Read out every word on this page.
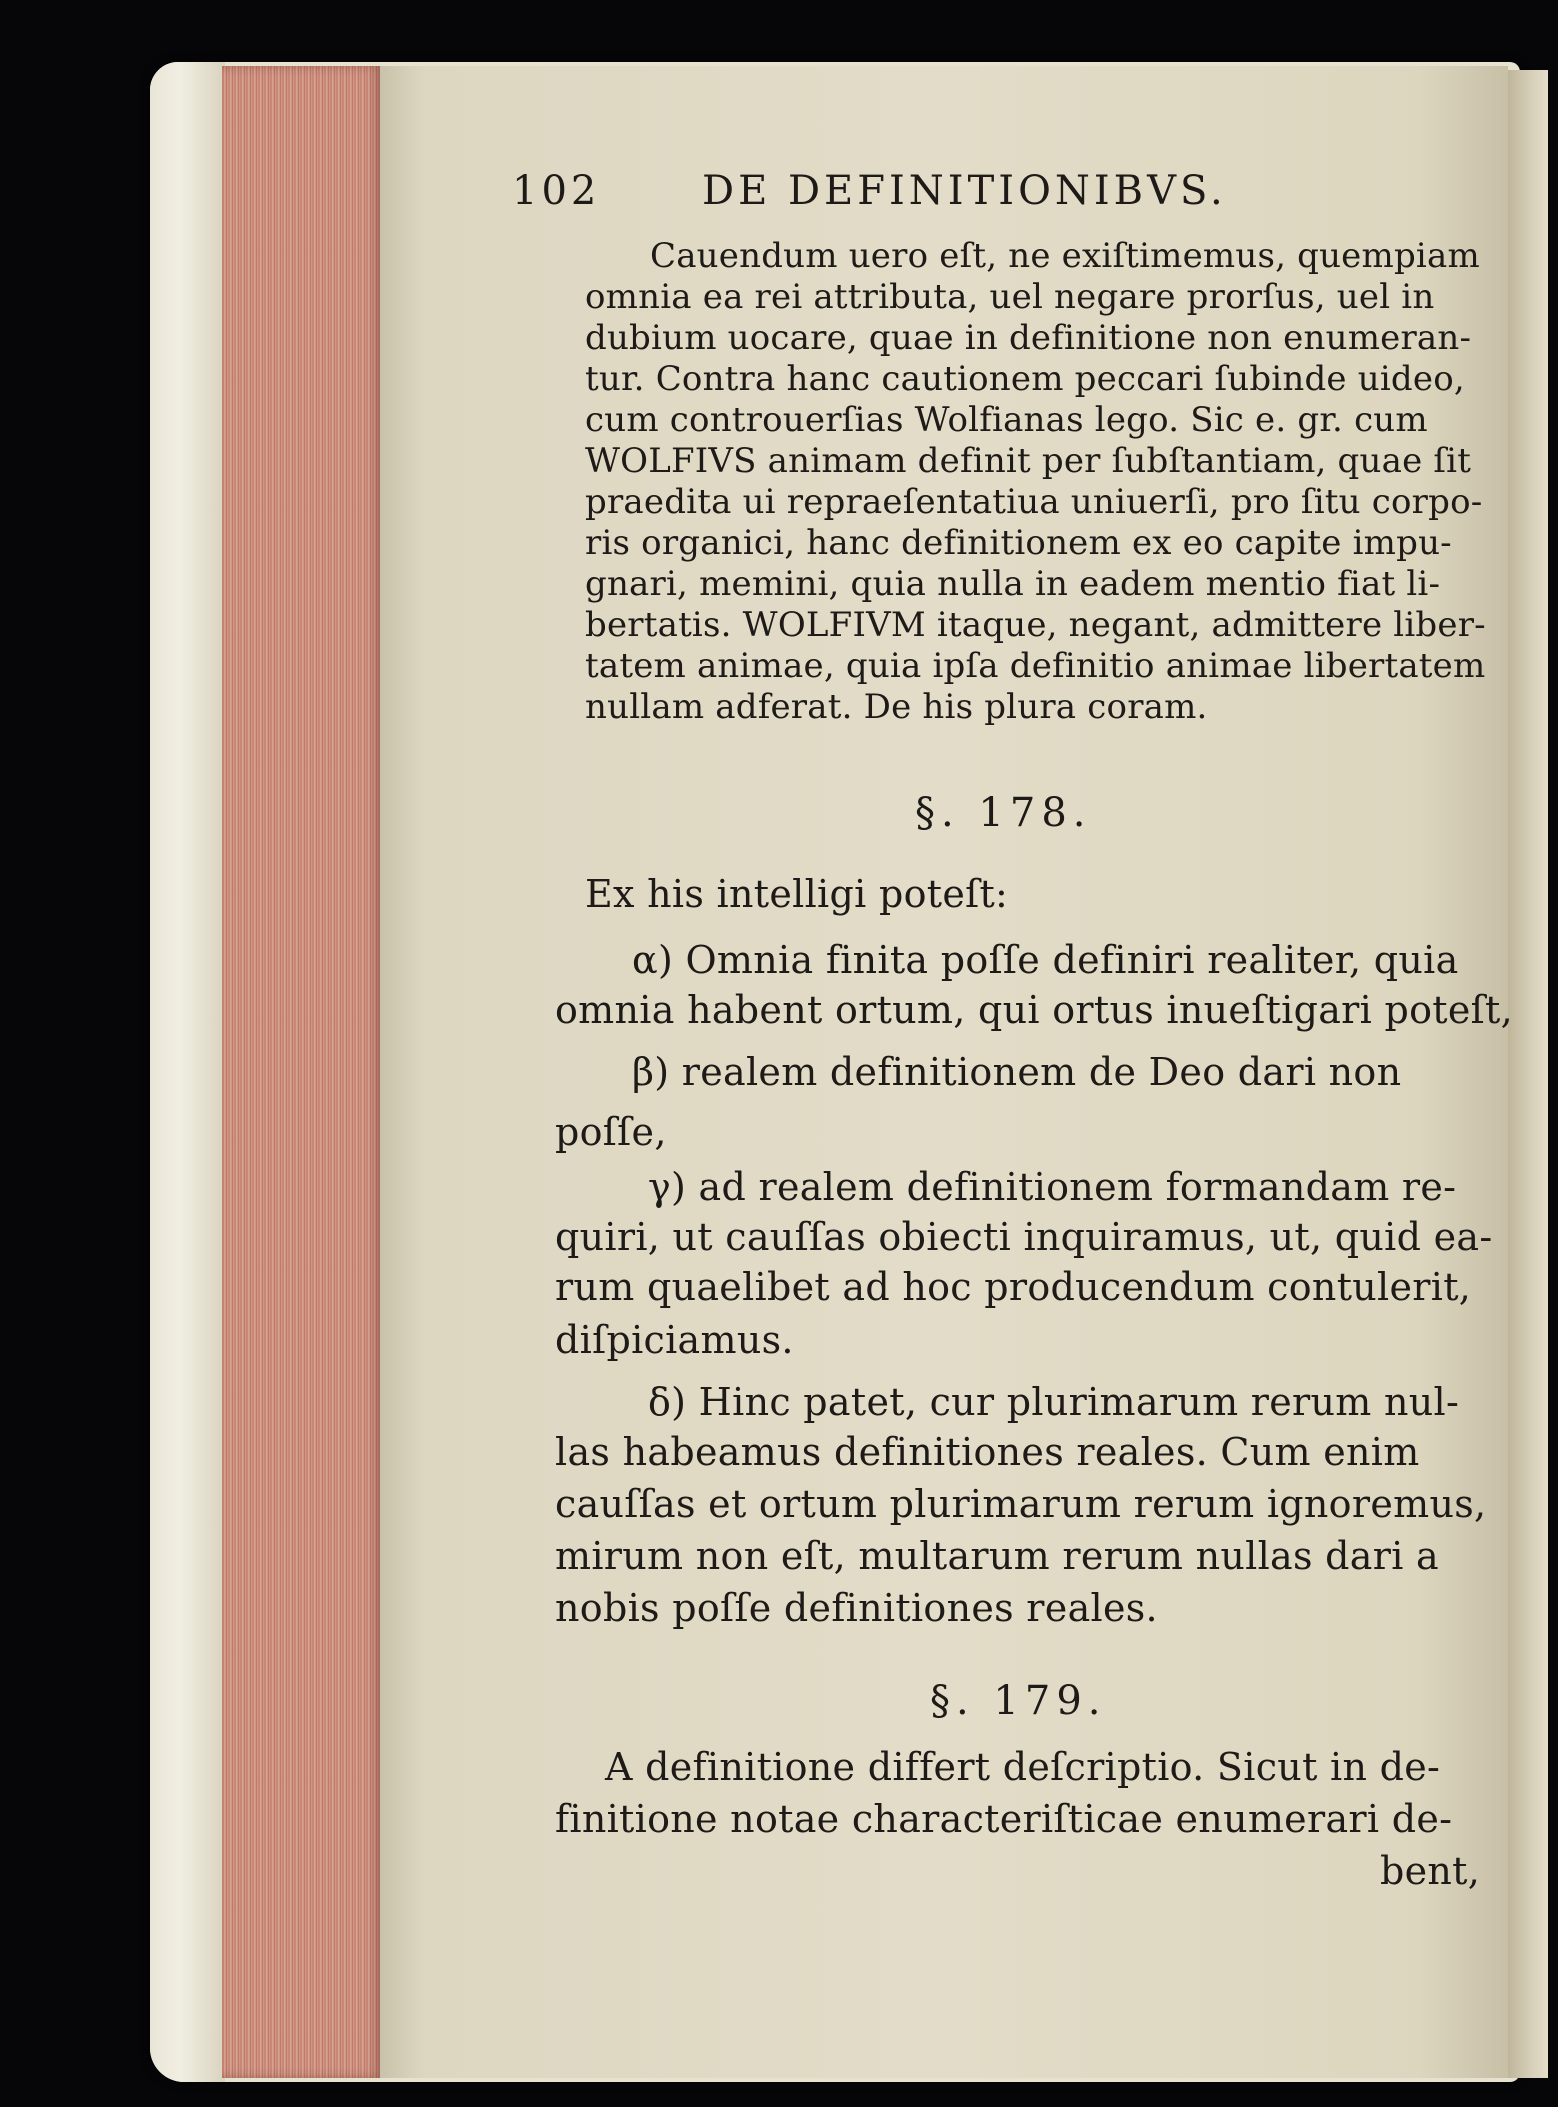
102	DE DEFINITIONIBVS.
Cauendum uero eſt, ne exiſtimemus, quempiam
omnia ea rei attributa, uel negare prorſus, uel in
dubium uocare, quae in definitione non enumeran-
tur. Contra hanc cautionem peccari ſubinde uideo,
cum controuerſias Wolfianas lego. Sic e. gr. cum
WOLFIVS animam definit per ſubſtantiam, quae ſit
praedita ui repraeſentatiua uniuerſi, pro ſitu corpo-
ris organici, hanc definitionem ex eo capite impu-
gnari, memini, quia nulla in eadem mentio fiat li-
bertatis. WOLFIVM itaque, negant, admittere liber-
tatem animae, quia ipſa definitio animae libertatem
nullam adferat. De his plura coram.
§. 178.
Ex his intelligi poteſt:
α) Omnia finita poſſe definiri realiter, quia
omnia habent ortum, qui ortus inueſtigari poteſt,
β) realem definitionem de Deo dari non
poſſe,
γ) ad realem definitionem formandam re-
quiri, ut cauſſas obiecti inquiramus, ut, quid ea-
rum quaelibet ad hoc producendum contulerit,
diſpiciamus.
δ) Hinc patet, cur plurimarum rerum nul-
las habeamus definitiones reales. Cum enim
cauſſas et ortum plurimarum rerum ignoremus,
mirum non eſt, multarum rerum nullas dari a
nobis poſſe definitiones reales.
§. 179.
A definitione differt deſcriptio. Sicut in de-
finitione notae characteriſticae enumerari de-
bent,
